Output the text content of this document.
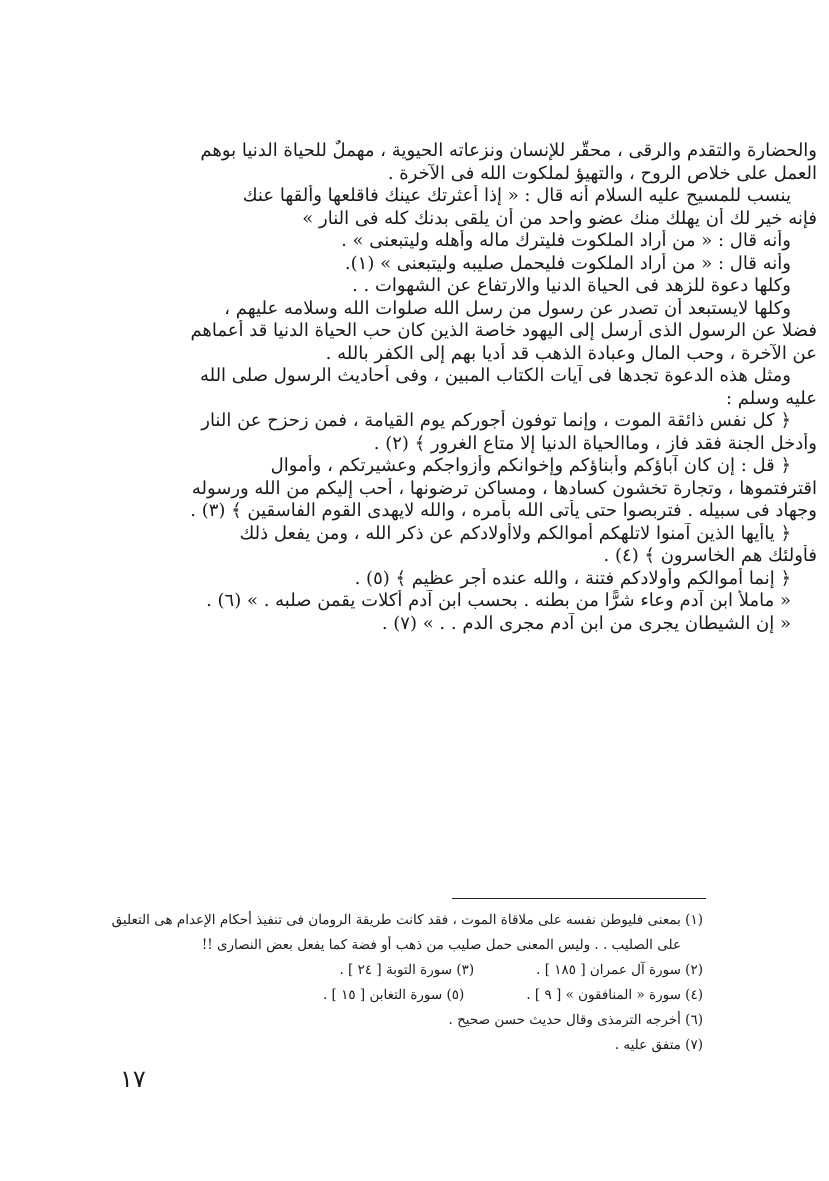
والحضارة والتقدم والرقى ، محقّر للإنسان ونزعاته الحيوية ، مهملٌ للحياة الدنيا بوهم

العمل على خلاص الروح ، والتهيؤ لملكوت الله فى الآخرة .

ينسب للمسيح عليه السلام أنه قال : « إذا أعثرتك عينك فاقلعها وألقها عنك

فإنه خير لك أن يهلك منك عضو واحد من أن يلقى بدنك كله فى النار »

وأنه قال : « من أراد الملكوت فليترك ماله وأهله وليتبعنى » .

وأنه قال : « من أراد الملكوت فليحمل صليبه وليتبعنى » (١).

وكلها دعوة للزهد فى الحياة الدنيا والارتفاع عن الشهوات . .

وكلها لايستبعد أن تصدر عن رسول من رسل الله صلوات الله وسلامه عليهم ،

فضلا عن الرسول الذى أرسل إلى اليهود خاصة الذين كان حب الحياة الدنيا قد أعماهم

عن الآخرة ، وحب المال وعبادة الذهب قد أديا بهم إلى الكفر بالله .

ومثل هذه الدعوة تجدها فى آيات الكتاب المبين ، وفى أحاديث الرسول صلى الله

عليه وسلم :

﴿ كل نفس ذائقة الموت ، وإنما توفون أجوركم يوم القيامة ، فمن زحزح عن النار

وأدخل الجنة فقد فاز ، وماالحياة الدنيا إلا متاع الغرور ﴾ (٢) .

﴿ قل : إن كان آباؤكم وأبناؤكم وإخوانكم وأزواجكم وعشيرتكم ، وأموال

اقترفتموها ، وتجارة تخشون كسادها ، ومساكن ترضونها ، أحب إليكم من الله ورسوله

وجهاد فى سبيله . فتربصوا حتى يأتى الله بأمره ، والله لايهدى القوم الفاسقين ﴾ (٣) .

﴿ ياأيها الذين آمنوا لاتلهكم أموالكم ولاأولادكم عن ذكر الله ، ومن يفعل ذلك

فأولئك هم الخاسرون ﴾ (٤) .

﴿ إنما أموالكم وأولادكم فتنة ، والله عنده أجر عظيم ﴾ (٥) .

« ماملأ ابن آدم وعاء شرًّا من بطنه . بحسب ابن آدم أكلات يقمن صلبه . » (٦) .

« إن الشيطان يجرى من ابن آدم مجرى الدم . . » (٧) .

(١) بمعنى فليوطن نفسه على ملاقاة الموت ، فقد كانت طريقة الرومان فى تنفيذ أحكام الإعدام هى التعليق

على الصليب . . وليس المعنى حمل صليب من ذهب أو فضة كما يفعل بعض النصارى !!

(٢) سورة آل عمران [ ١٨٥ ] .
(٣) سورة التوبة [ ٢٤ ] .
(٤) سورة « المنافقون » [ ٩ ] .
(٥) سورة التغابن [ ١٥ ] .

(٦) أخرجه الترمذى وقال حديث حسن صحيح .

(٧) متفق عليه .

١٧
